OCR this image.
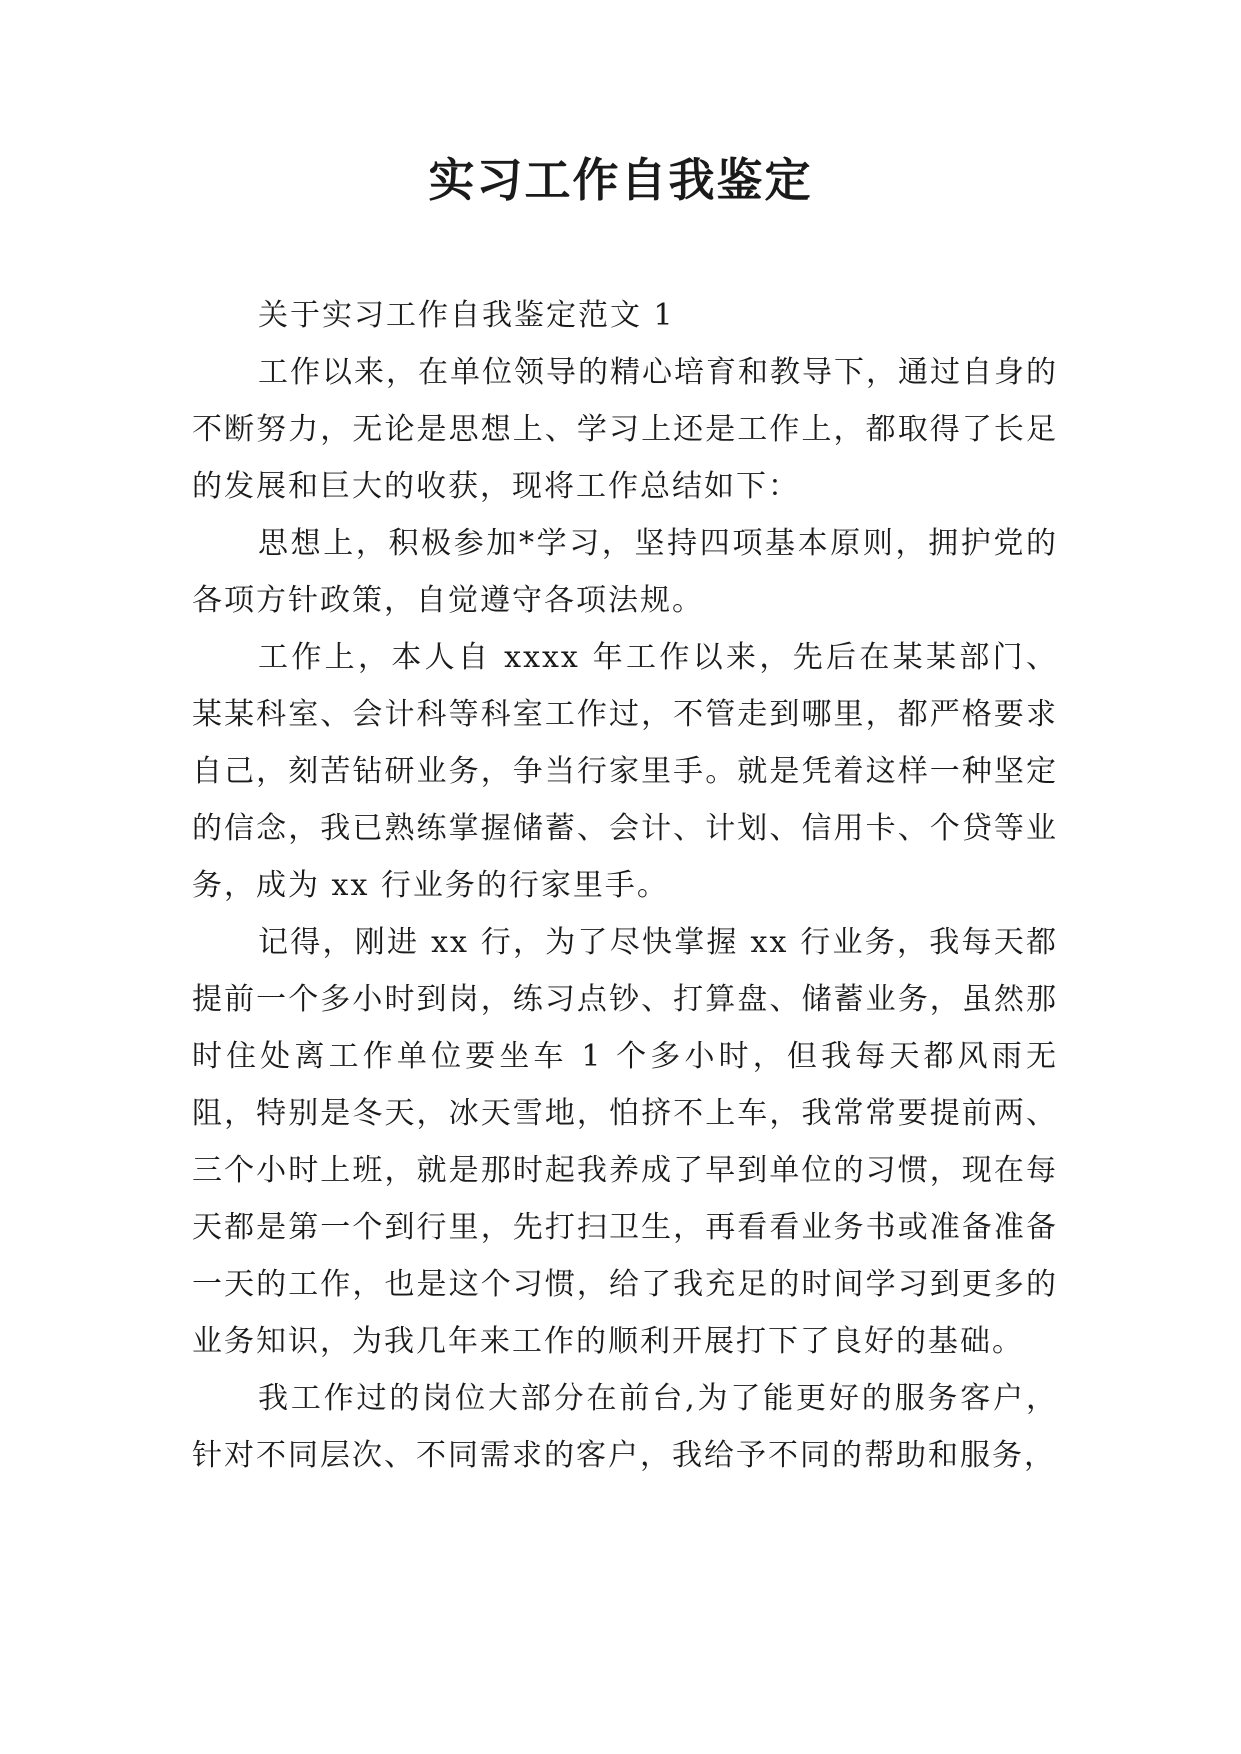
实习工作自我鉴定

关于实习工作自我鉴定范文 1

工作以来，在单位领导的精心培育和教导下，通过自身的不断努力，无论是思想上、学习上还是工作上，都取得了长足的发展和巨大的收获，现将工作总结如下：

思想上，积极参加*学习，坚持四项基本原则，拥护党的各项方针政策，自觉遵守各项法规。

工作上，本人自 xxxx 年工作以来，先后在某某部门、某某科室、会计科等科室工作过，不管走到哪里，都严格要求自己，刻苦钻研业务，争当行家里手。就是凭着这样一种坚定的信念，我已熟练掌握储蓄、会计、计划、信用卡、个贷等业务，成为 xx 行业务的行家里手。

记得，刚进 xx 行，为了尽快掌握 xx 行业务，我每天都提前一个多小时到岗，练习点钞、打算盘、储蓄业务，虽然那时住处离工作单位要坐车 1 个多小时，但我每天都风雨无阻，特别是冬天，冰天雪地，怕挤不上车，我常常要提前两、三个小时上班，就是那时起我养成了早到单位的习惯，现在每天都是第一个到行里，先打扫卫生，再看看业务书或准备准备一天的工作，也是这个习惯，给了我充足的时间学习到更多的业务知识，为我几年来工作的顺利开展打下了良好的基础。

我工作过的岗位大部分在前台,为了能更好的服务客户，针对不同层次、不同需求的客户，我给予不同的帮助和服务，
